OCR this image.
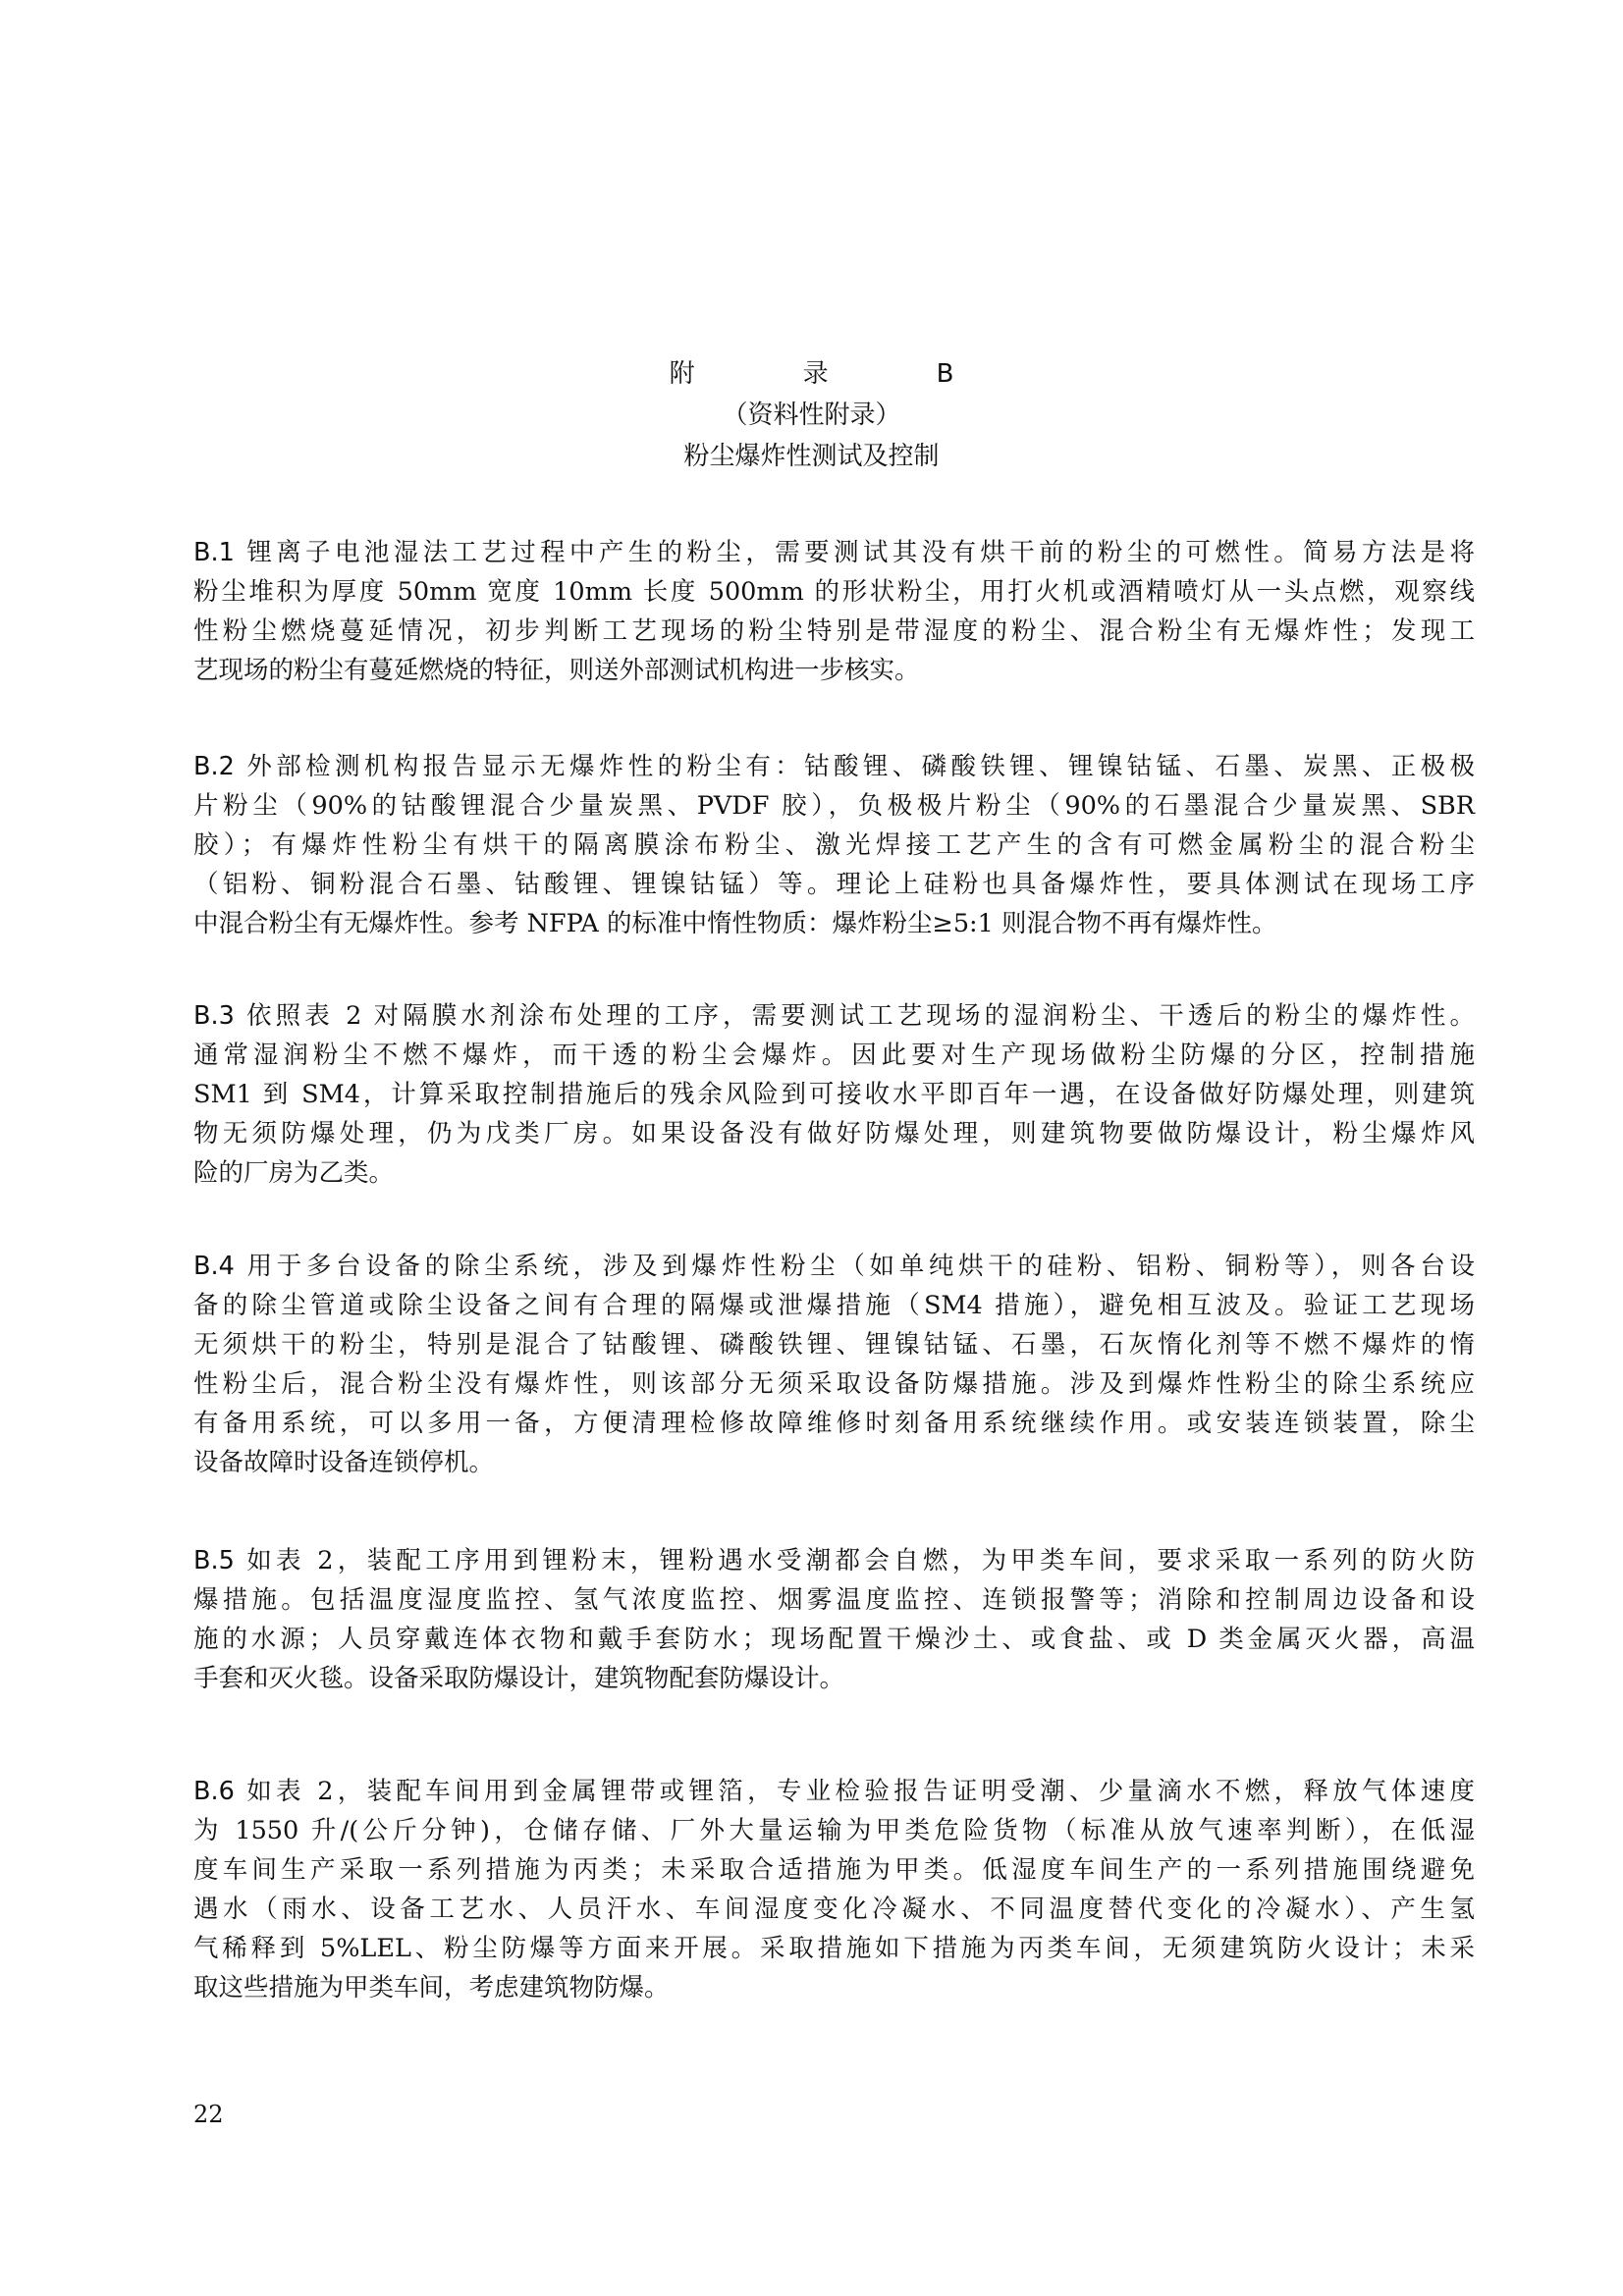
附	录	B
（资料性附录）
粉尘爆炸性测试及控制
B.1 锂离子电池湿法工艺过程中产生的粉尘，需要测试其没有烘干前的粉尘的可燃性。简易方法是将
粉尘堆积为厚度 50mm 宽度 10mm 长度 500mm 的形状粉尘，用打火机或酒精喷灯从一头点燃，观察线
性粉尘燃烧蔓延情况，初步判断工艺现场的粉尘特别是带湿度的粉尘、混合粉尘有无爆炸性；发现工
艺现场的粉尘有蔓延燃烧的特征，则送外部测试机构进一步核实。
B.2 外部检测机构报告显示无爆炸性的粉尘有：钴酸锂、磷酸铁锂、锂镍钴锰、石墨、炭黑、正极极
片粉尘（90%的钴酸锂混合少量炭黑、PVDF 胶），负极极片粉尘（90%的石墨混合少量炭黑、SBR
胶）；有爆炸性粉尘有烘干的隔离膜涂布粉尘、激光焊接工艺产生的含有可燃金属粉尘的混合粉尘
（铝粉、铜粉混合石墨、钴酸锂、锂镍钴锰）等。理论上硅粉也具备爆炸性，要具体测试在现场工序
中混合粉尘有无爆炸性。参考 NFPA 的标准中惰性物质：爆炸粉尘≥5:1 则混合物不再有爆炸性。
B.3 依照表 2 对隔膜水剂涂布处理的工序，需要测试工艺现场的湿润粉尘、干透后的粉尘的爆炸性。
通常湿润粉尘不燃不爆炸，而干透的粉尘会爆炸。因此要对生产现场做粉尘防爆的分区，控制措施
SM1 到 SM4，计算采取控制措施后的残余风险到可接收水平即百年一遇，在设备做好防爆处理，则建筑
物无须防爆处理，仍为戊类厂房。如果设备没有做好防爆处理，则建筑物要做防爆设计，粉尘爆炸风
险的厂房为乙类。
B.4 用于多台设备的除尘系统，涉及到爆炸性粉尘（如单纯烘干的硅粉、铝粉、铜粉等），则各台设
备的除尘管道或除尘设备之间有合理的隔爆或泄爆措施（SM4 措施），避免相互波及。验证工艺现场
无须烘干的粉尘，特别是混合了钴酸锂、磷酸铁锂、锂镍钴锰、石墨，石灰惰化剂等不燃不爆炸的惰
性粉尘后，混合粉尘没有爆炸性，则该部分无须采取设备防爆措施。涉及到爆炸性粉尘的除尘系统应
有备用系统，可以多用一备，方便清理检修故障维修时刻备用系统继续作用。或安装连锁装置，除尘
设备故障时设备连锁停机。
B.5 如表 2，装配工序用到锂粉末，锂粉遇水受潮都会自燃，为甲类车间，要求采取一系列的防火防
爆措施。包括温度湿度监控、氢气浓度监控、烟雾温度监控、连锁报警等；消除和控制周边设备和设
施的水源；人员穿戴连体衣物和戴手套防水；现场配置干燥沙土、或食盐、或 D 类金属灭火器，高温
手套和灭火毯。设备采取防爆设计，建筑物配套防爆设计。
B.6 如表 2，装配车间用到金属锂带或锂箔，专业检验报告证明受潮、少量滴水不燃，释放气体速度
为 1550 升/(公斤分钟)，仓储存储、厂外大量运输为甲类危险货物（标准从放气速率判断），在低湿
度车间生产采取一系列措施为丙类；未采取合适措施为甲类。低湿度车间生产的一系列措施围绕避免
遇水（雨水、设备工艺水、人员汗水、车间湿度变化冷凝水、不同温度替代变化的冷凝水）、产生氢
气稀释到 5%LEL、粉尘防爆等方面来开展。采取措施如下措施为丙类车间，无须建筑防火设计；未采
取这些措施为甲类车间，考虑建筑物防爆。
22
